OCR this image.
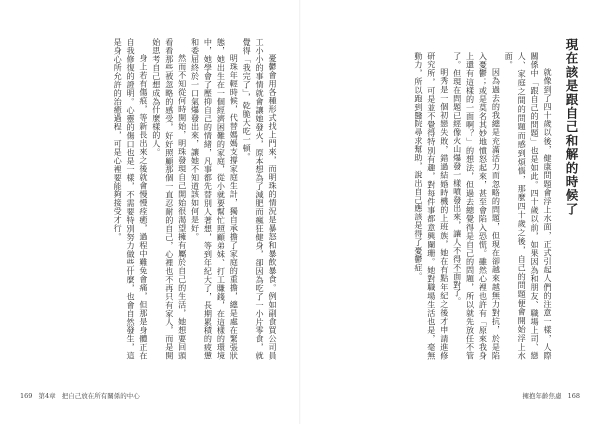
憂鬱會用各種形式找上門來，而明珠的情況是暴怒和暴飲暴食。例如副食買公司員工小小的事情就會讓她發火，原本想為了減肥而瘋狂健身，卻因為吃了一小片零食，就覺得「我完了」，乾脆大吃一頓。

明珠年輕時候，代替媽媽支撐家庭生計，獨自承擔了家庭的重擔，總是處在緊張狀態，她出生在一個經濟困難的家庭，從小就要幫忙照顧弟妹、打工賺錢，在這樣的環境中，她學會了壓抑自己的情緒，凡事都先替別人著想，等到年紀大了，長期累積的疲憊和委屈終於一口氣爆發出來，讓她不知道該如何是好。

然而不知從何時開始，明珠發現自己開始很渴望擁有屬於自己的生活，她想要回頭看看那些被忽略的感受，好好照顧那個一直忍耐的自己，心裡也不再只有家人，而是開始思考自己想成為什麼樣的人。

身上若有傷痕，等新長出來之後就會慢慢痊癒，過程中難免會痛，但那是身體正在自我修復的證明。心靈的傷口也是一樣，不需要特別努力做些什麼，也會自然發生，這是身心所允許的治癒過程，可是心裡要能夠接受才行。

169 第4章 把自己放在所有關係的中心
現在該是跟自己和解的時候了

就像到了四十歲以後，健康問題會浮上水面，正式引起人們的注意一樣，人際關係中「跟自己的問題」也是如此。四十歲以前，如果因為和朋友、職場上司、戀人、家庭之間的問題而感到煩惱，那麼四十歲之後，自己的問題便會開始浮上水面。

因為過去的我總是充滿活力而忽略的問題，但現在卻越來越無力對抗，於是陷入憂鬱；或是莫名其妙地憤怒起來，甚至會陷入恐慌。雖然心裡也許有「原來我身上還有這樣的一面啊？」的想法，但過去總覺得是自己的問題，所以就先放任不管了。但現在問題已經像火山爆發一樣噴發出來，讓人不得不面對了。

明秀是一個初戀失敗，錯過結婚時機的上班族，她在有點年紀之後才申請進修研究所，可是並不覺得特別有趣，對每件事都意興闌珊。她對職場生活也是，毫無動力，所以跑到醫院尋求幫助，說出自己應該是得了憂鬱症。

擁抱年齡焦慮 168
